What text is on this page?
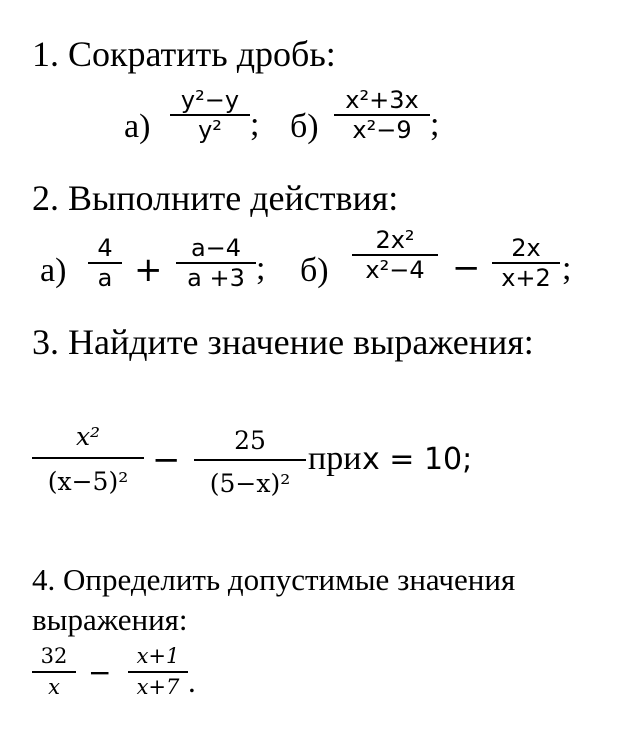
1. Сократить дробь:
а)
y²−y
y² ; б)
x²+3x
x²−9 ;
2. Выполните действия:
а)
4
a +
a−4
a +3 ; б)
2x²
x²−4 −	2x
x+2 ;
3. Найдите значение выражения:
x²
(x−5)²
−	25
(5−x)²
при x = 10;
4. Определить допустимые значения
выражения:
32
x	−	x+1
x+7 .
